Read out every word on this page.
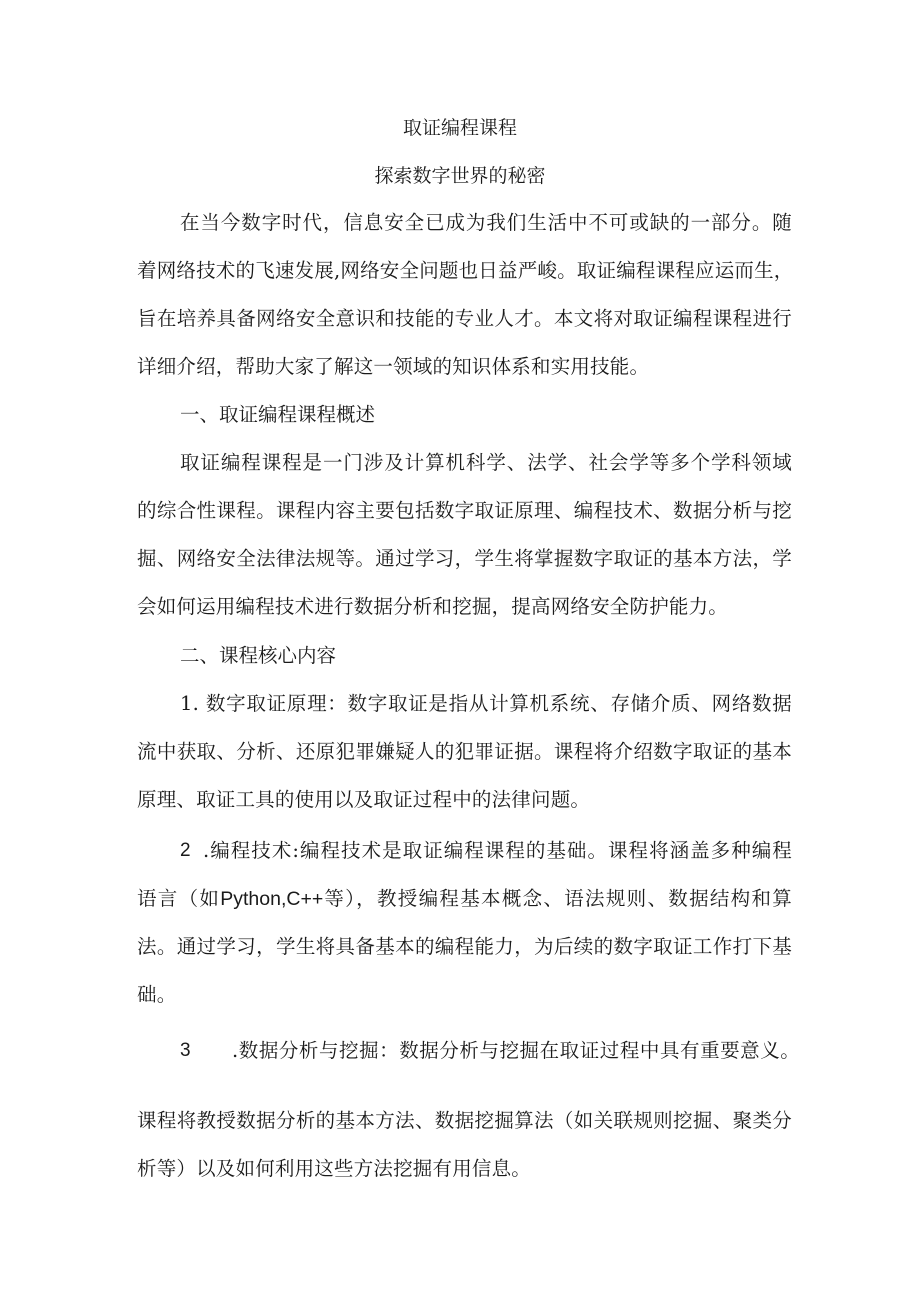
取证编程课程
探索数字世界的秘密
在当今数字时代，信息安全已成为我们生活中不可或缺的一部分。随
着网络技术的飞速发展,网络安全问题也日益严峻。取证编程课程应运而生，
旨在培养具备网络安全意识和技能的专业人才。本文将对取证编程课程进行
详细介绍，帮助大家了解这一领域的知识体系和实用技能。
一、取证编程课程概述
取证编程课程是一门涉及计算机科学、法学、社会学等多个学科领域
的综合性课程。课程内容主要包括数字取证原理、编程技术、数据分析与挖
掘、网络安全法律法规等。通过学习，学生将掌握数字取证的基本方法，学
会如何运用编程技术进行数据分析和挖掘，提高网络安全防护能力。
二、课程核心内容
1. 数字取证原理：数字取证是指从计算机系统、存储介质、网络数据
流中获取、分析、还原犯罪嫌疑人的犯罪证据。课程将介绍数字取证的基本
原理、取证工具的使用以及取证过程中的法律问题。
2 .编程技术:编程技术是取证编程课程的基础。课程将涵盖多种编程
语言（如Python,C++等），教授编程基本概念、语法规则、数据结构和算
法。通过学习，学生将具备基本的编程能力，为后续的数字取证工作打下基
础。
3 .数据分析与挖掘：数据分析与挖掘在取证过程中具有重要意义。
课程将教授数据分析的基本方法、数据挖掘算法（如关联规则挖掘、聚类分
析等）以及如何利用这些方法挖掘有用信息。
